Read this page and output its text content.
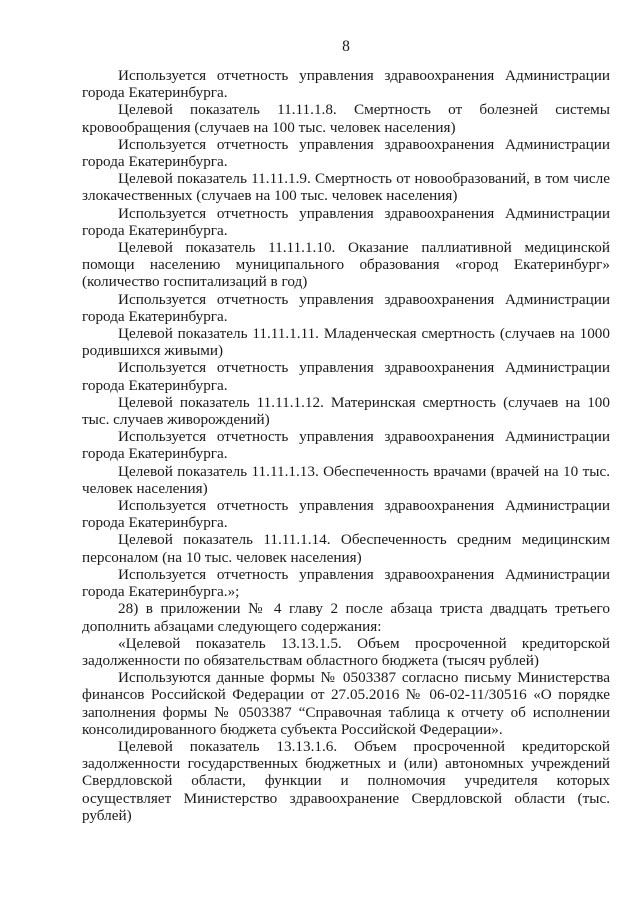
8

Используется отчетность управления здравоохранения Администрации города Екатеринбурга.

Целевой показатель 11.11.1.8. Смертность от болезней системы кровообращения (случаев на 100 тыс. человек населения)

Используется отчетность управления здравоохранения Администрации города Екатеринбурга.

Целевой показатель 11.11.1.9. Смертность от новообразований, в том числе злокачественных (случаев на 100 тыс. человек населения)

Используется отчетность управления здравоохранения Администрации города Екатеринбурга.

Целевой показатель 11.11.1.10. Оказание паллиативной медицинской помощи населению муниципального образования «город Екатеринбург» (количество госпитализаций в год)

Используется отчетность управления здравоохранения Администрации города Екатеринбурга.

Целевой показатель 11.11.1.11. Младенческая смертность (случаев на 1000 родившихся живыми)

Используется отчетность управления здравоохранения Администрации города Екатеринбурга.

Целевой показатель 11.11.1.12. Материнская смертность (случаев на 100 тыс. случаев живорождений)

Используется отчетность управления здравоохранения Администрации города Екатеринбурга.

Целевой показатель 11.11.1.13. Обеспеченность врачами (врачей на 10 тыс. человек населения)

Используется отчетность управления здравоохранения Администрации города Екатеринбурга.

Целевой показатель 11.11.1.14. Обеспеченность средним медицинским персоналом (на 10 тыс. человек населения)

Используется отчетность управления здравоохранения Администрации города Екатеринбурга.»;

28) в приложении № 4 главу 2 после абзаца триста двадцать третьего дополнить абзацами следующего содержания:

«Целевой показатель 13.13.1.5. Объем просроченной кредиторской задолженности по обязательствам областного бюджета (тысяч рублей)

Используются данные формы № 0503387 согласно письму Министерства финансов Российской Федерации от 27.05.2016 № 06-02-11/30516 «О порядке заполнения формы № 0503387 “Справочная таблица к отчету об исполнении консолидированного бюджета субъекта Российской Федерации».

Целевой показатель 13.13.1.6. Объем просроченной кредиторской задолженности государственных бюджетных и (или) автономных учреждений Свердловской области, функции и полномочия учредителя которых осуществляет Министерство здравоохранение Свердловской области (тыс. рублей)
